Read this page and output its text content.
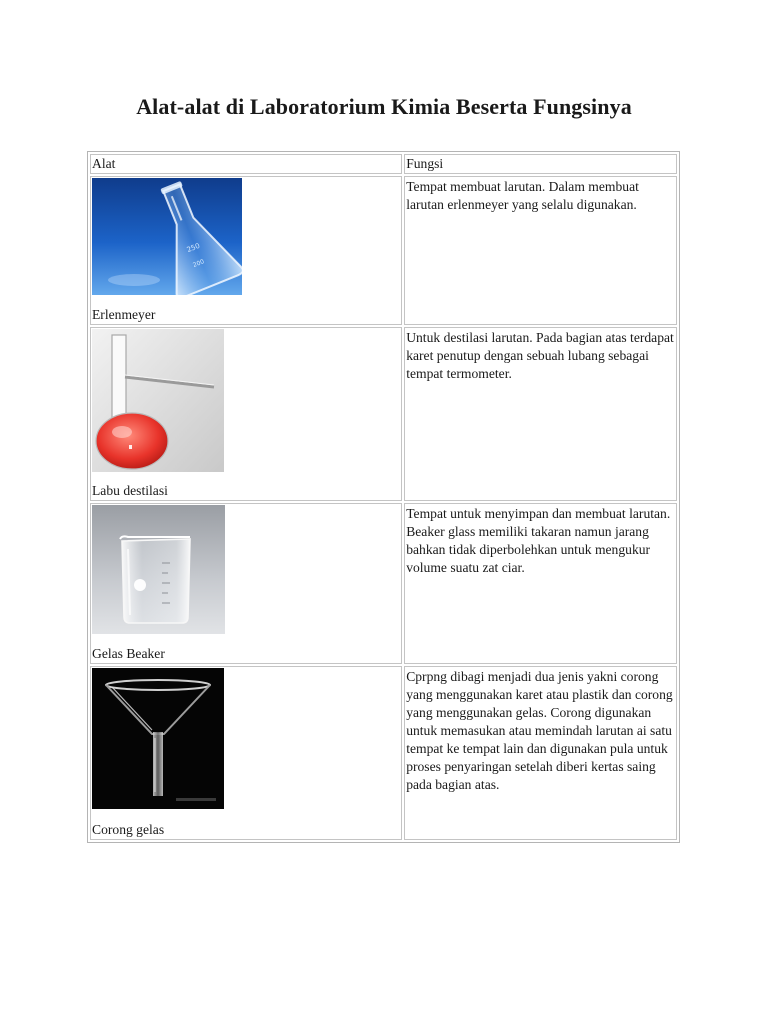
Alat-alat di Laboratorium Kimia Beserta Fungsinya
Alat	Fungsi

250
200
Erlenmeyer	Tempat membuat larutan. Dalam membuat larutan erlenmeyer yang selalu digunakan.

Labu destilasi	Untuk destilasi larutan. Pada bagian atas terdapat karet penutup dengan sebuah lubang sebagai tempat termometer.

Gelas Beaker	Tempat untuk menyimpan dan membuat larutan. Beaker glass memiliki takaran namun jarang bahkan tidak diperbolehkan untuk mengukur volume suatu zat ciar.

Corong gelas	Cprpng dibagi menjadi dua jenis yakni corong yang menggunakan karet atau plastik dan corong yang menggunakan gelas. Corong digunakan untuk memasukan atau memindah larutan ai satu tempat ke tempat lain dan digunakan pula untuk proses penyaringan setelah diberi kertas saing pada bagian atas.
